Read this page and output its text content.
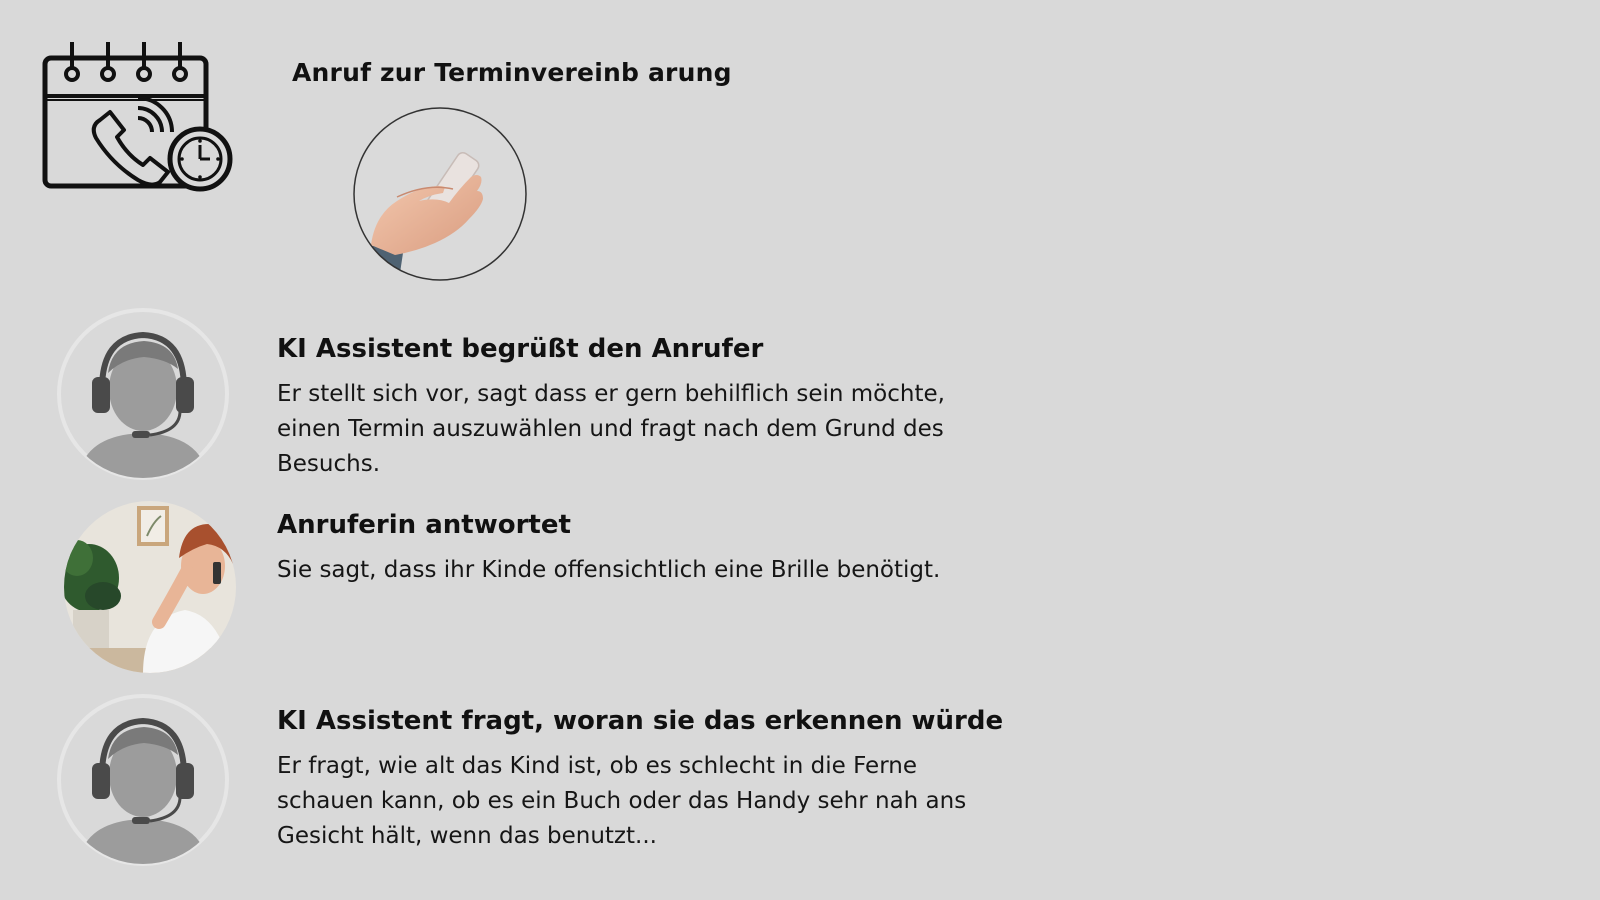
Anruf zur Terminvereinb arung
KI Assistent begrüßt den Anrufer
Er stellt sich vor, sagt dass er gern behilflich sein möchte, einen Termin auszuwählen und fragt nach dem Grund des Besuchs.
Anruferin antwortet
Sie sagt, dass ihr Kinde offensichtlich eine Brille benötigt.
KI Assistent fragt, woran sie das erkennen würde
Er fragt, wie alt das Kind ist, ob es schlecht in die Ferne schauen kann, ob es ein Buch oder das Handy sehr nah ans Gesicht hält, wenn das benutzt...
